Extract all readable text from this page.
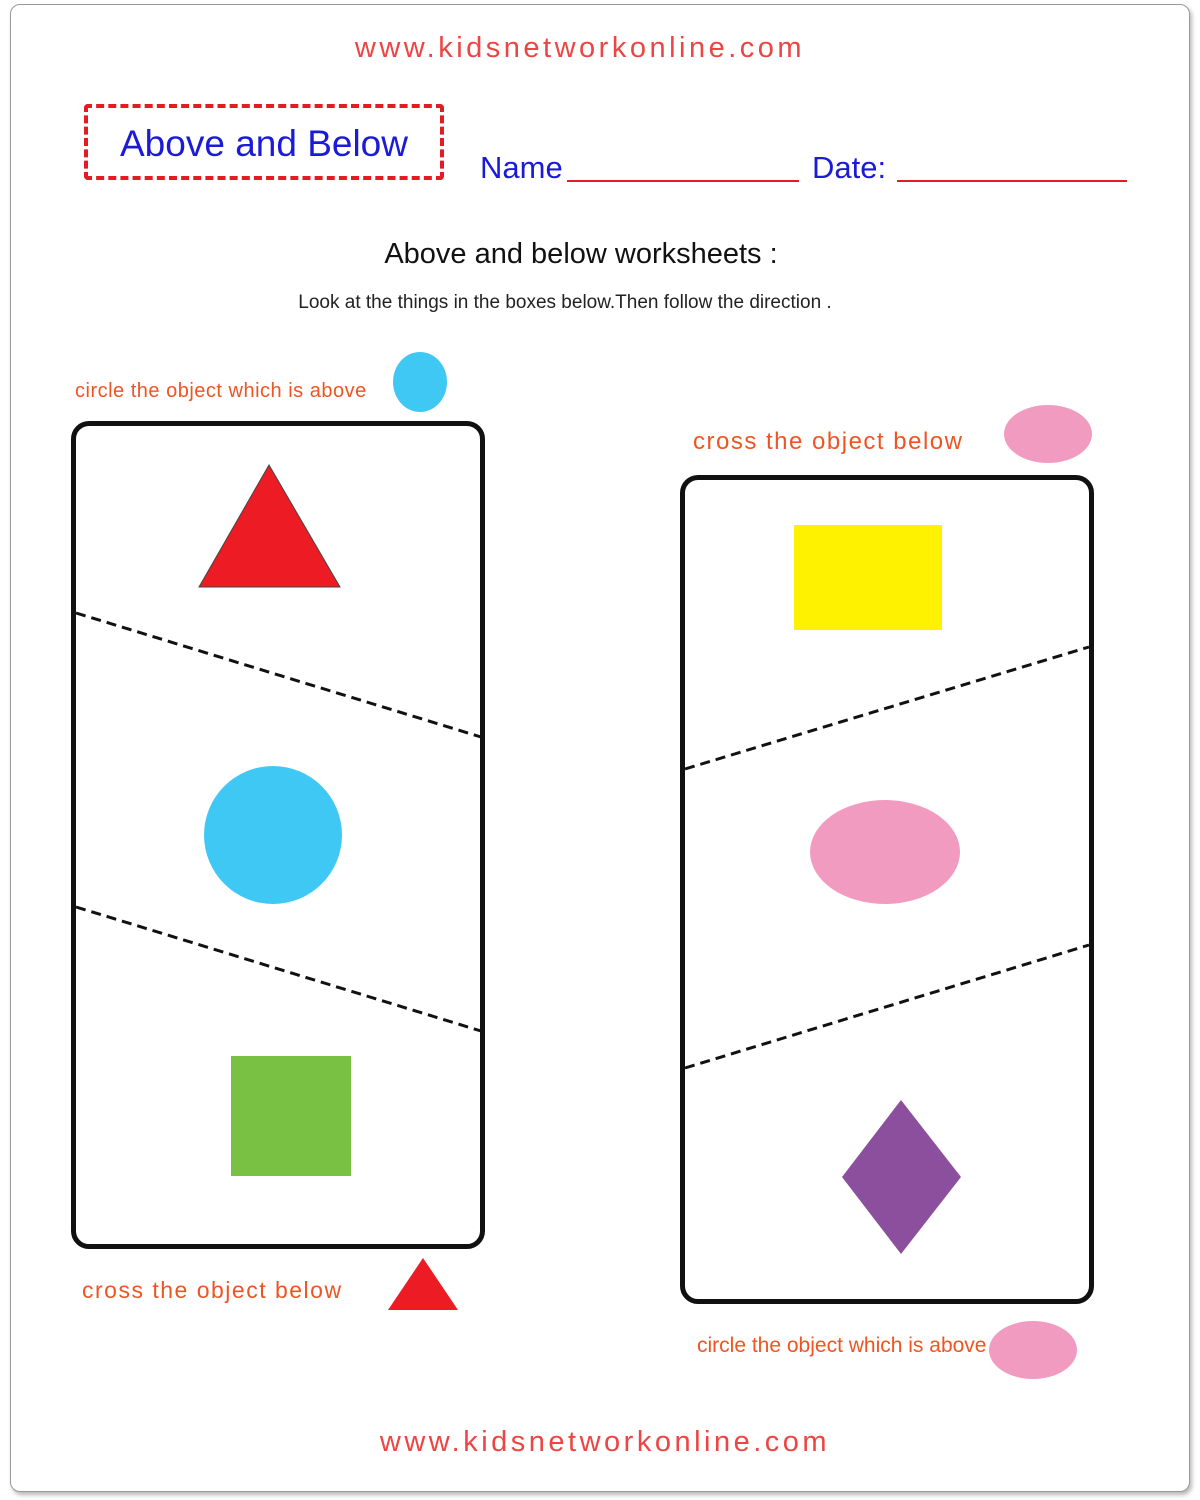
www.kidsnetworkonline.com
Above and Below
Name	Date:
Above and below worksheets :
Look at the things in the boxes below.Then follow the direction .
circle the object which is above
cross the object below
cross the object below
circle the object which is above
www.kidsnetworkonline.com
